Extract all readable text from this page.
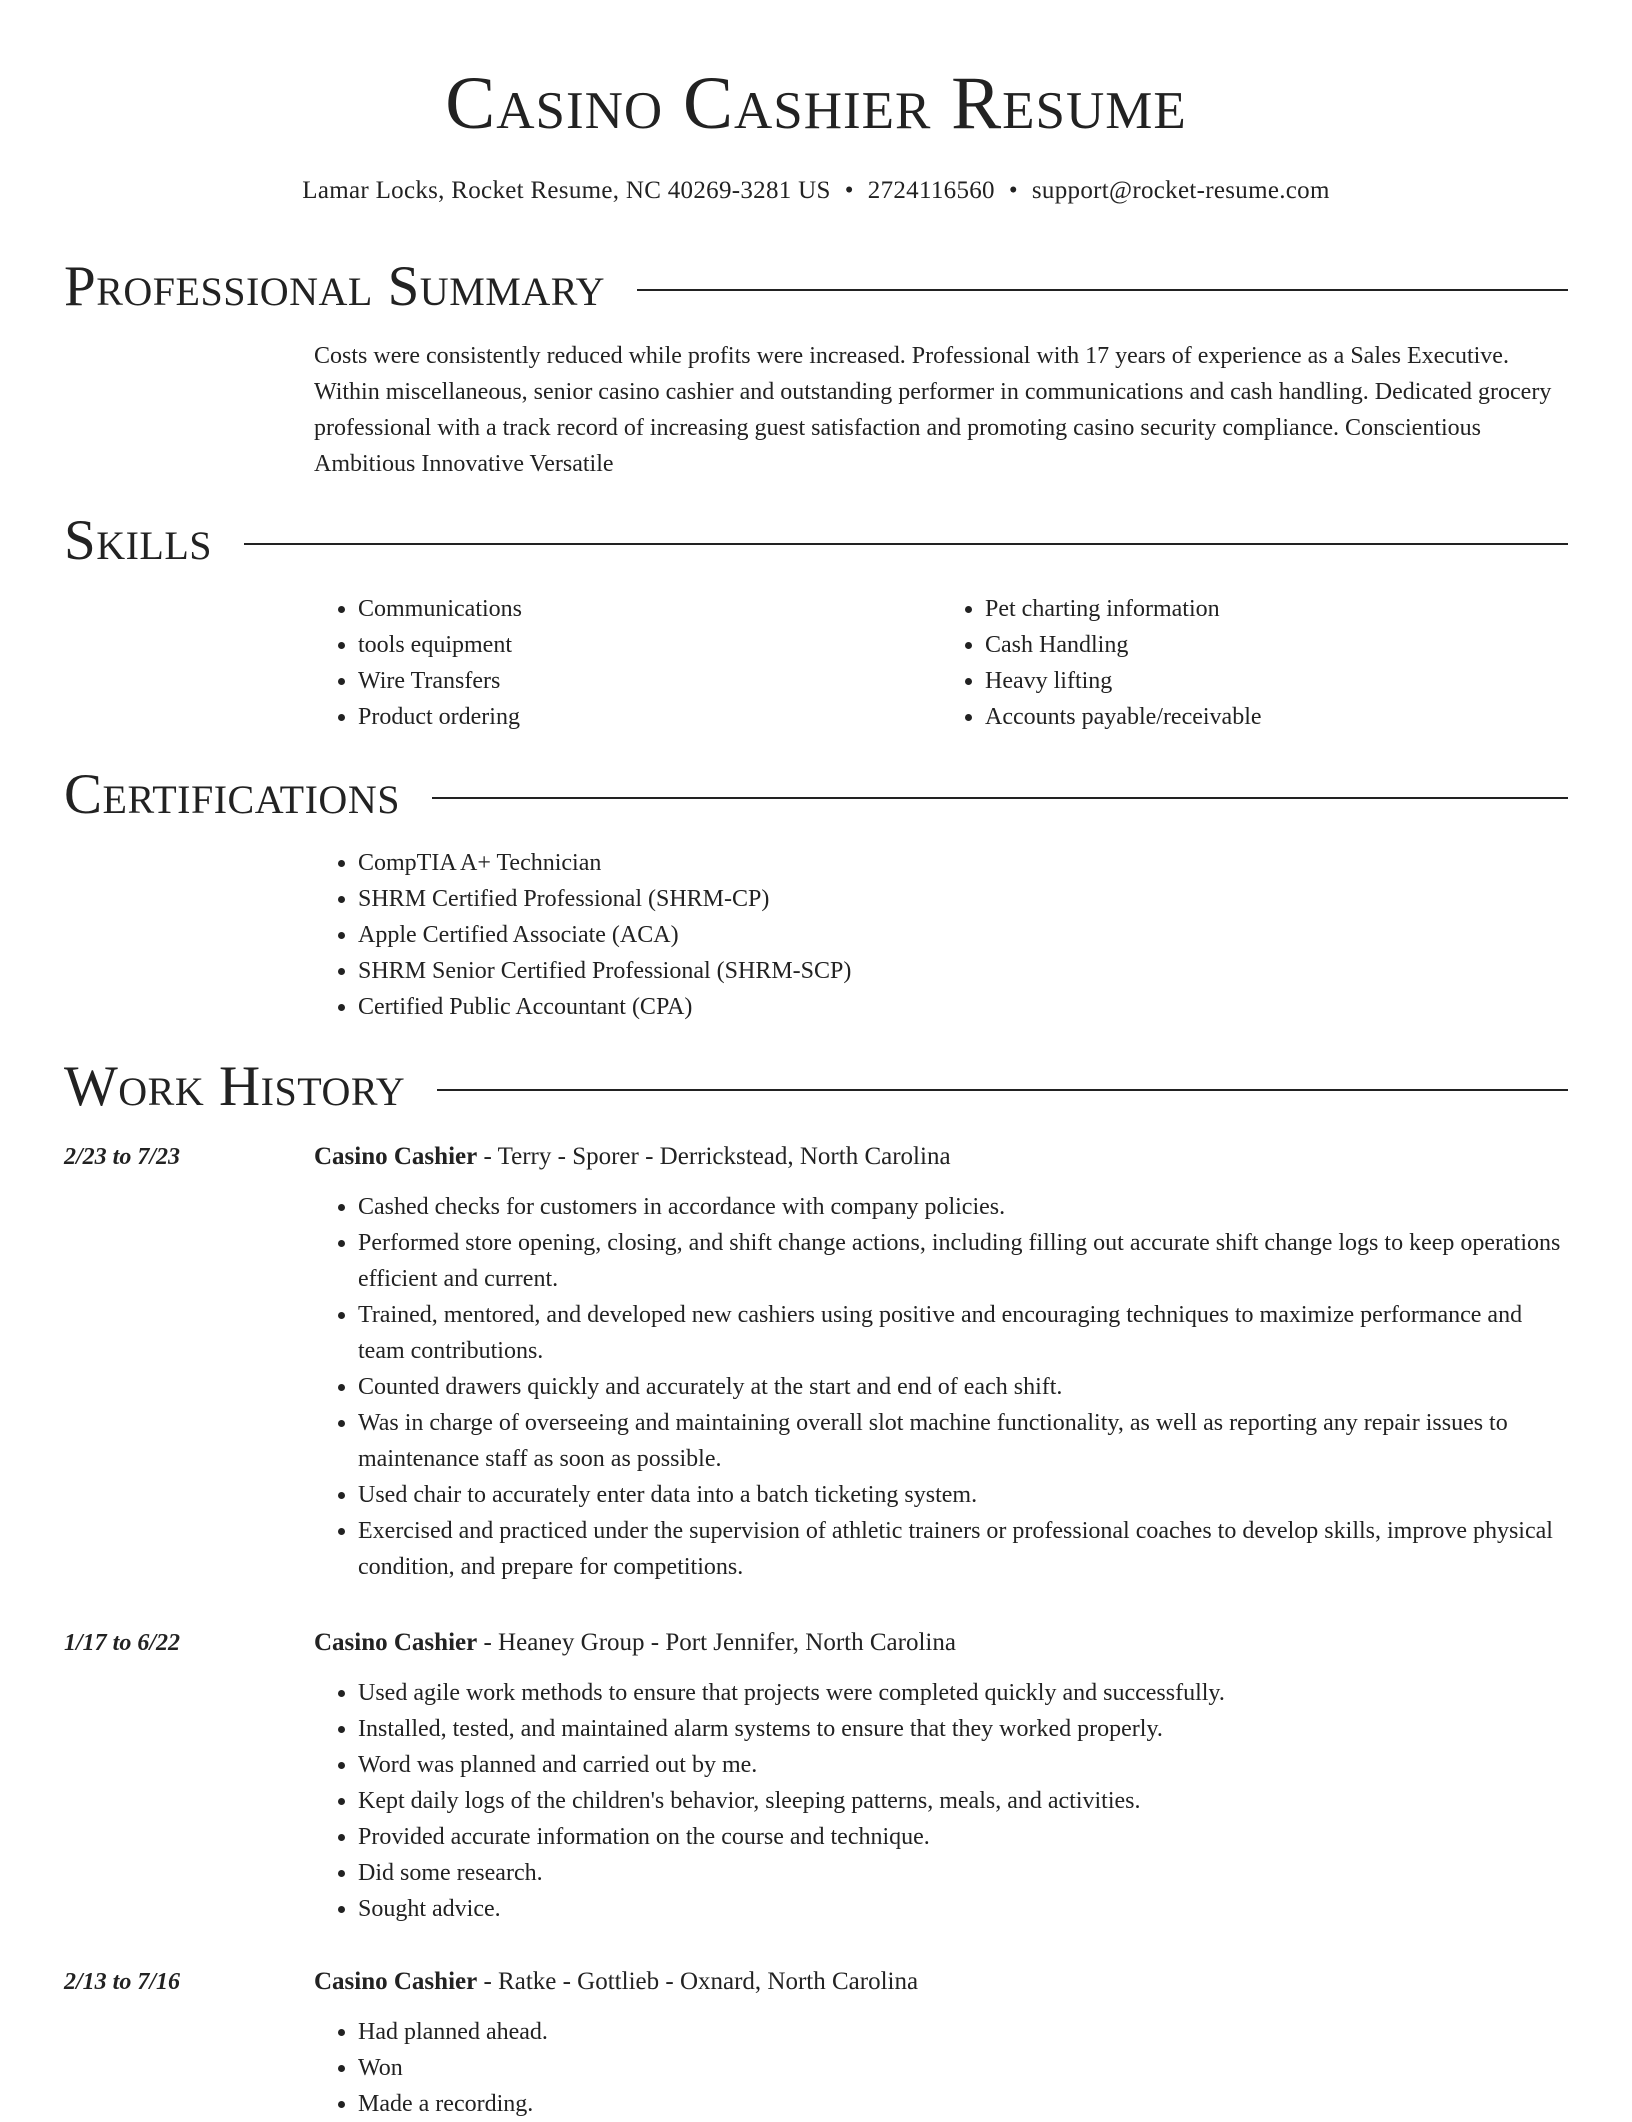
Casino Cashier Resume
Lamar Locks, Rocket Resume, NC 40269-3281 US • 2724116560 • support@rocket-resume.com
Professional Summary

Costs were consistently reduced while profits were increased. Professional with 17 years of experience as a Sales Executive. Within miscellaneous, senior casino cashier and outstanding performer in communications and cash handling. Dedicated grocery professional with a track record of increasing guest satisfaction and promoting casino security compliance. Conscientious Ambitious Innovative Versatile

Skills
• Communications
• tools equipment
• Wire Transfers
• Product ordering
• Pet charting information
• Cash Handling
• Heavy lifting
• Accounts payable/receivable
Certifications
• CompTIA A+ Technician
• SHRM Certified Professional (SHRM-CP)
• Apple Certified Associate (ACA)
• SHRM Senior Certified Professional (SHRM-SCP)
• Certified Public Accountant (CPA)
Work History
2/23 to 7/23	Casino Cashier - Terry - Sporer - Derrickstead, North Carolina
• Cashed checks for customers in accordance with company policies.
• Performed store opening, closing, and shift change actions, including filling out accurate shift change logs to keep operations efficient and current.
• Trained, mentored, and developed new cashiers using positive and encouraging techniques to maximize performance and team contributions.
• Counted drawers quickly and accurately at the start and end of each shift.
• Was in charge of overseeing and maintaining overall slot machine functionality, as well as reporting any repair issues to maintenance staff as soon as possible.
• Used chair to accurately enter data into a batch ticketing system.
• Exercised and practiced under the supervision of athletic trainers or professional coaches to develop skills, improve physical condition, and prepare for competitions.
1/17 to 6/22	Casino Cashier - Heaney Group - Port Jennifer, North Carolina
• Used agile work methods to ensure that projects were completed quickly and successfully.
• Installed, tested, and maintained alarm systems to ensure that they worked properly.
• Word was planned and carried out by me.
• Kept daily logs of the children's behavior, sleeping patterns, meals, and activities.
• Provided accurate information on the course and technique.
• Did some research.
• Sought advice.
2/13 to 7/16	Casino Cashier - Ratke - Gottlieb - Oxnard, North Carolina
• Had planned ahead.
• Won
• Made a recording.
